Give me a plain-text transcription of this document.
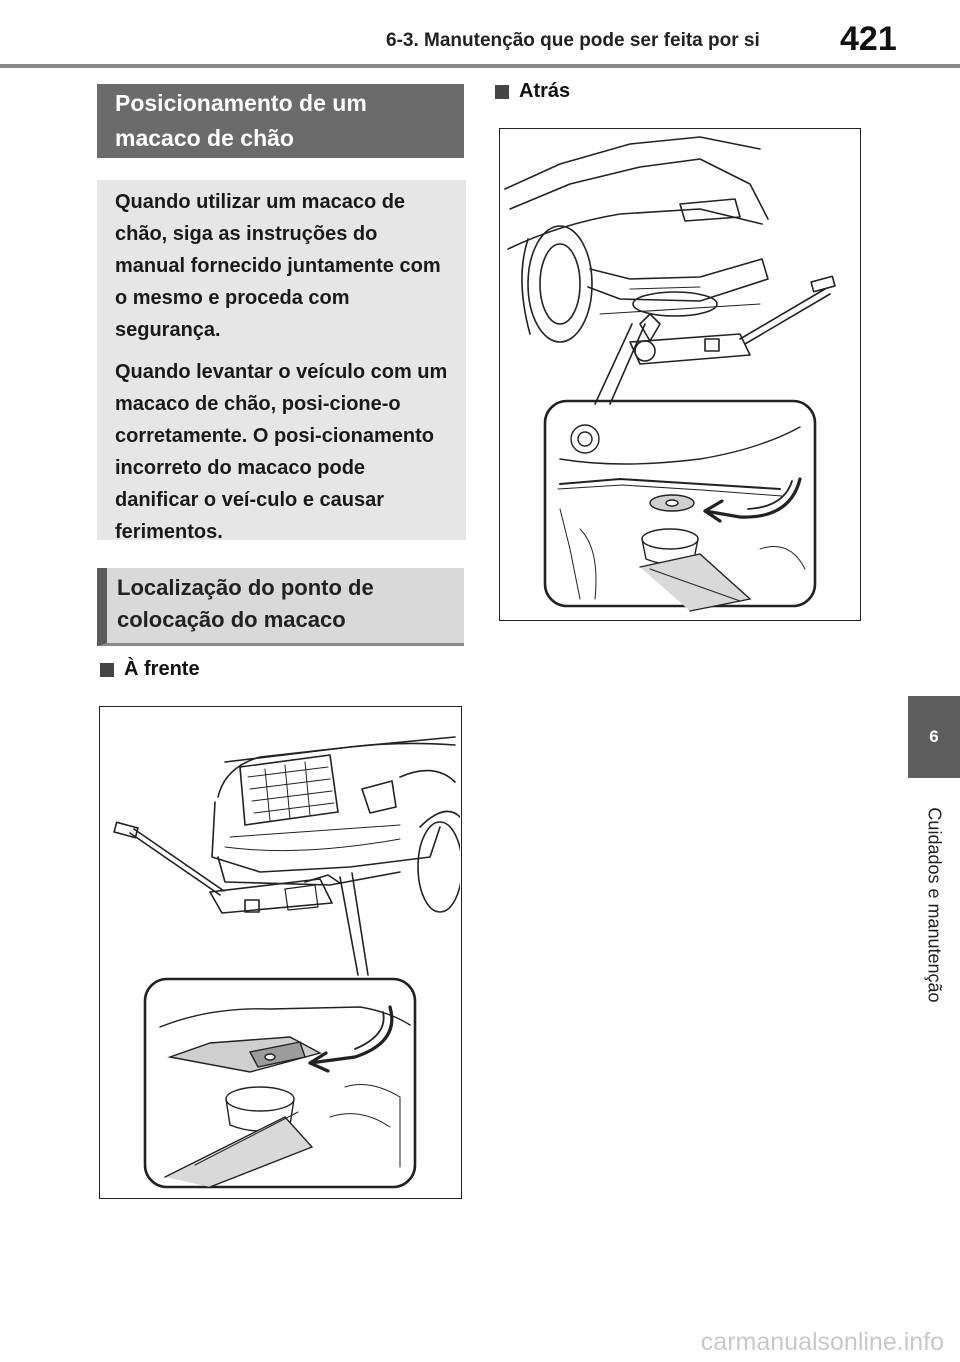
6-3. Manutenção que pode ser feita por si 421
6
Cuidados e manutenção
Posicionamento de um macaco de chão

Quando utilizar um macaco de chão, siga as instruções do manual fornecido juntamente com o mesmo e proceda com segurança.

Quando levantar o veículo com um macaco de chão, posi-cione-o corretamente. O posi-cionamento incorreto do macaco pode danificar o veí-culo e causar ferimentos.

Localização do ponto de colocação do macaco
À frente
Atrás
carmanualsonline.info
